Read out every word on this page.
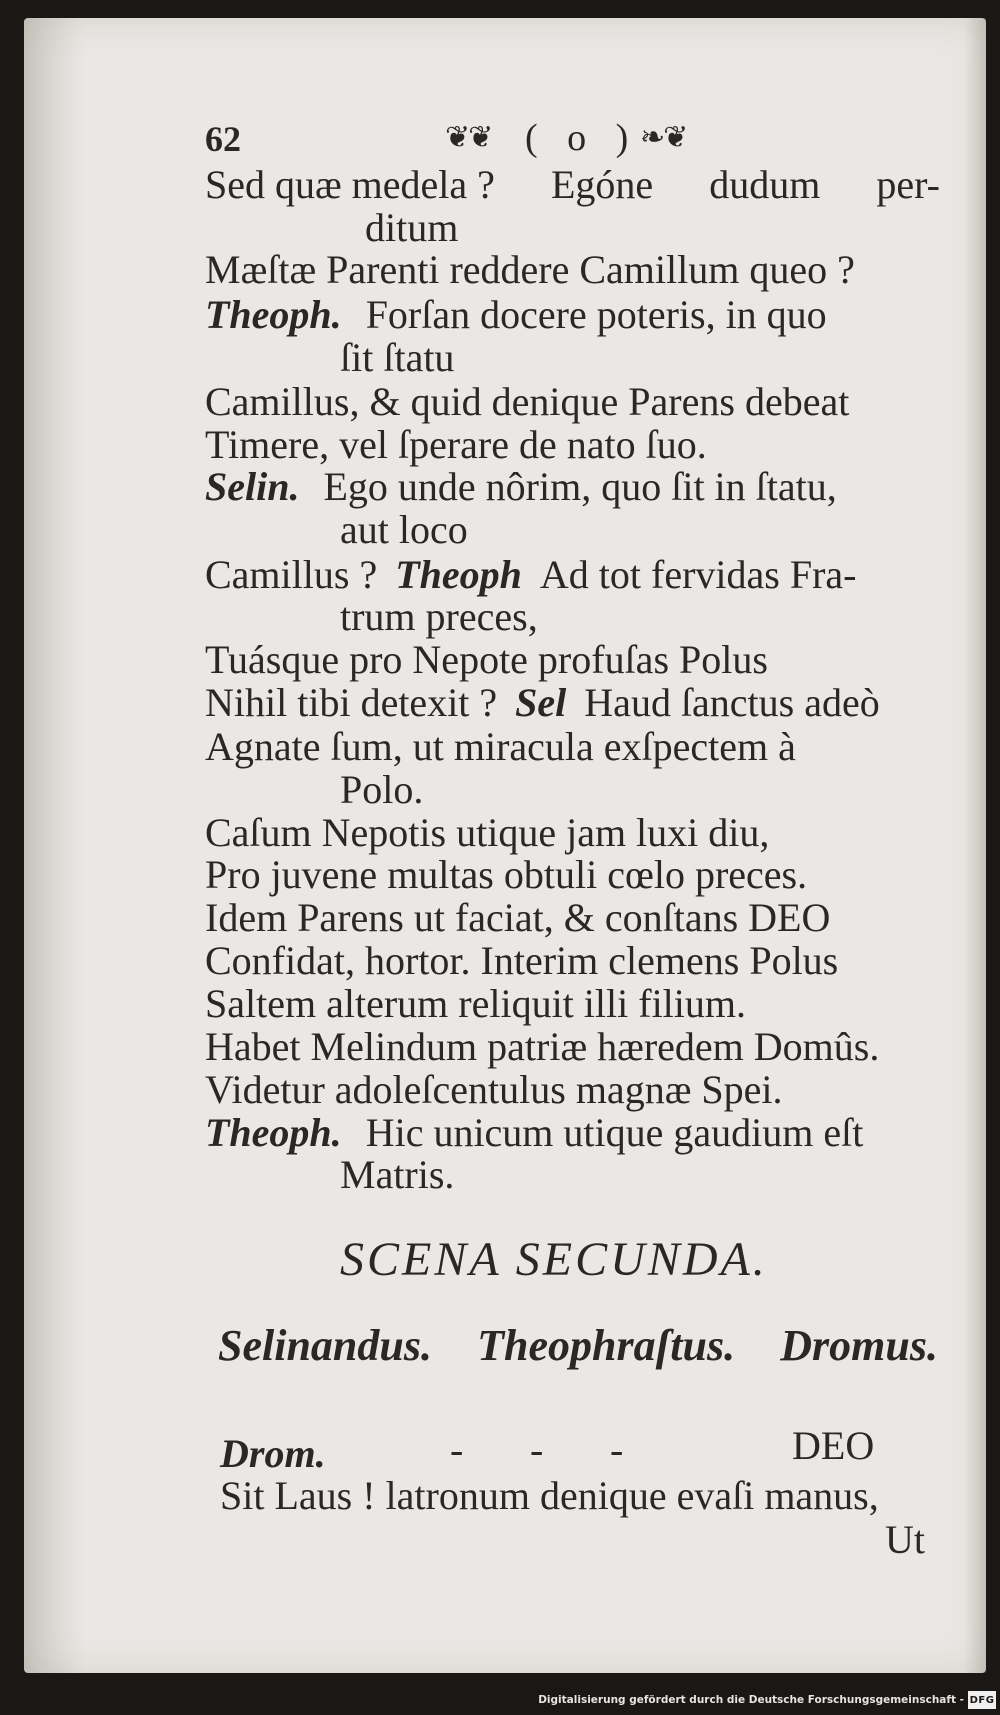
62	❦❦ ( o ) ❧❦
Sed quæ medela ? Egóne dudum per-
ditum
Mæſtæ Parenti reddere Camillum queo ?
Theoph. Forſan docere poteris, in quo
ſit ſtatu
Camillus, & quid denique Parens debeat
Timere, vel ſperare de nato ſuo.
Selin. Ego unde nôrim, quo ſit in ſtatu,
aut loco
Camillus ? Theoph Ad tot fervidas Fra-
trum preces,
Tuásque pro Nepote profuſas Polus
Nihil tibi detexit ? Sel Haud ſanctus adeò
Agnate ſum, ut miracula exſpectem à
Polo.
Caſum Nepotis utique jam luxi diu,
Pro juvene multas obtuli cœlo preces.
Idem Parens ut faciat, & conſtans DEO
Confidat, hortor. Interim clemens Polus
Saltem alterum reliquit illi filium.
Habet Melindum patriæ hæredem Domûs.
Videtur adoleſcentulus magnæ Spei.
Theoph. Hic unicum utique gaudium eſt
Matris.
SCENA SECUNDA.
Selinandus. Theophraſtus. Dromus.
Drom.	- - -	DEO
Sit Laus ! latronum denique evaſi manus,
Ut
Digitalisierung gefördert durch die Deutsche Forschungsgemeinschaft - DFG
